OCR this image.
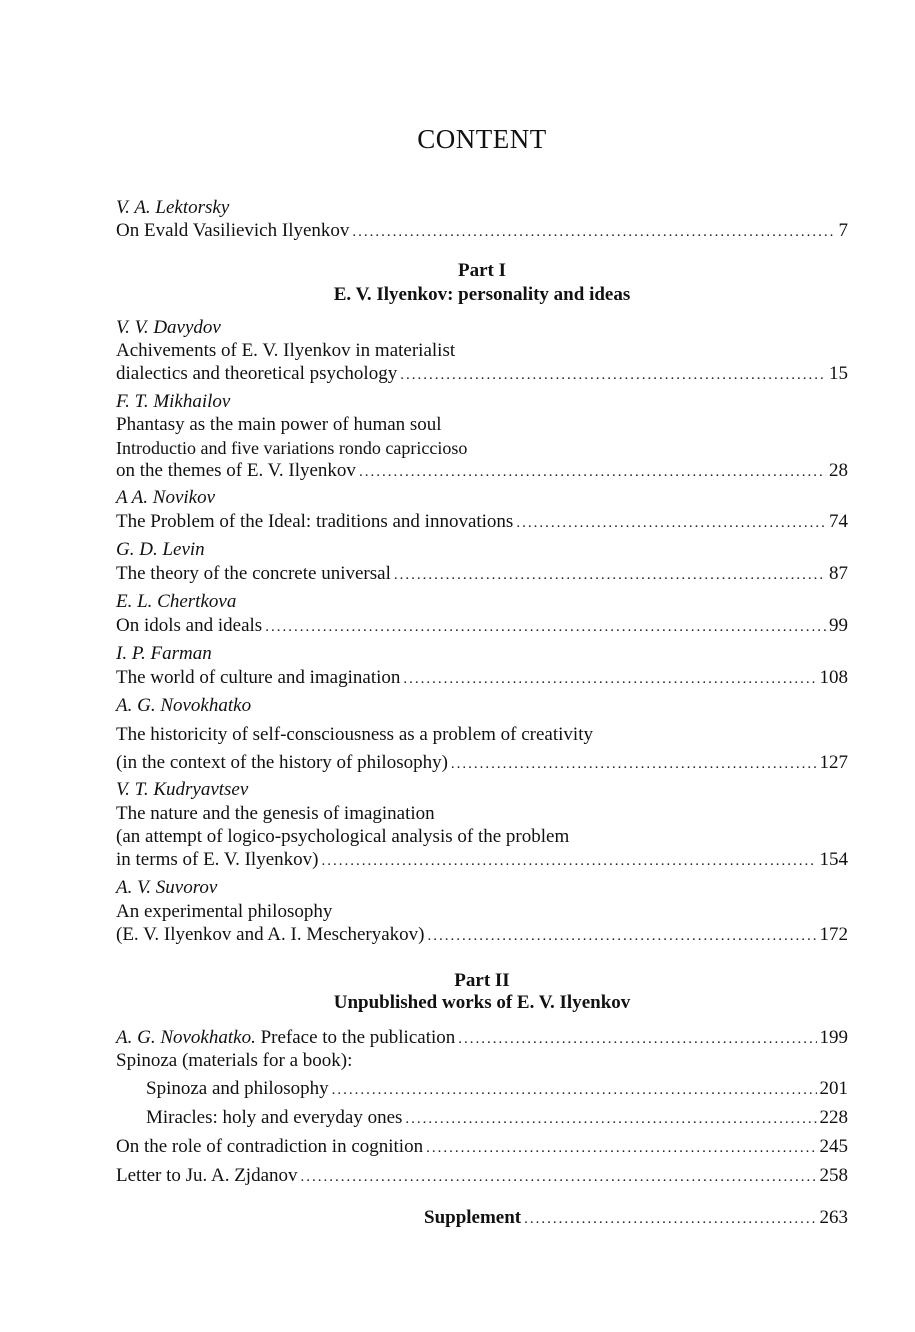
CONTENT
V. A. Lektorsky
On Evald Vasilievich Ilyenkov .....	7
Part I
E. V. Ilyenkov: personality and ideas
V. V. Davydov
Achivements of E. V. Ilyenkov in materialist
dialectics and theoretical psychology .....	15
F. T. Mikhailov
Phantasy as the main power of human soul
Introductio and five variations rondo capricciosо
on the themes of E. V. Ilyenkov .....	28
A A. Novikov
The Problem of the Ideal: traditions and innovations .....	74
G. D. Levin
The theory of the concrete universal .....	87
E. L. Chertkova
On idols and ideals .....	99
I. P. Farman
The world of culture and imagination .....	108
A. G. Novokhatko
The historicity of self-consciousness as a problem of creativity
(in the context of the history of philosophy) .....	127
V. T. Kudryavtsev
The nature and the genesis of imagination
(an attempt of logico-psychological analysis of the problem
in terms of E. V. Ilyenkov) .....	154
A. V. Suvorov
An experimental philosophy
(E. V. Ilyenkov and A. I. Mescheryakov) .....	172
Part II
Unpublished works of E. V. Ilyenkov
A. G. Novokhatko. Preface to the publication .....	199
Spinoza (materials for a book):
Spinoza and philosophy .....	201
Miracles: holy and everyday ones .....	228
On the role of contradiction in cognition .....	245
Letter to Ju. A. Zjdanov .....	258
Supplement .....	263
